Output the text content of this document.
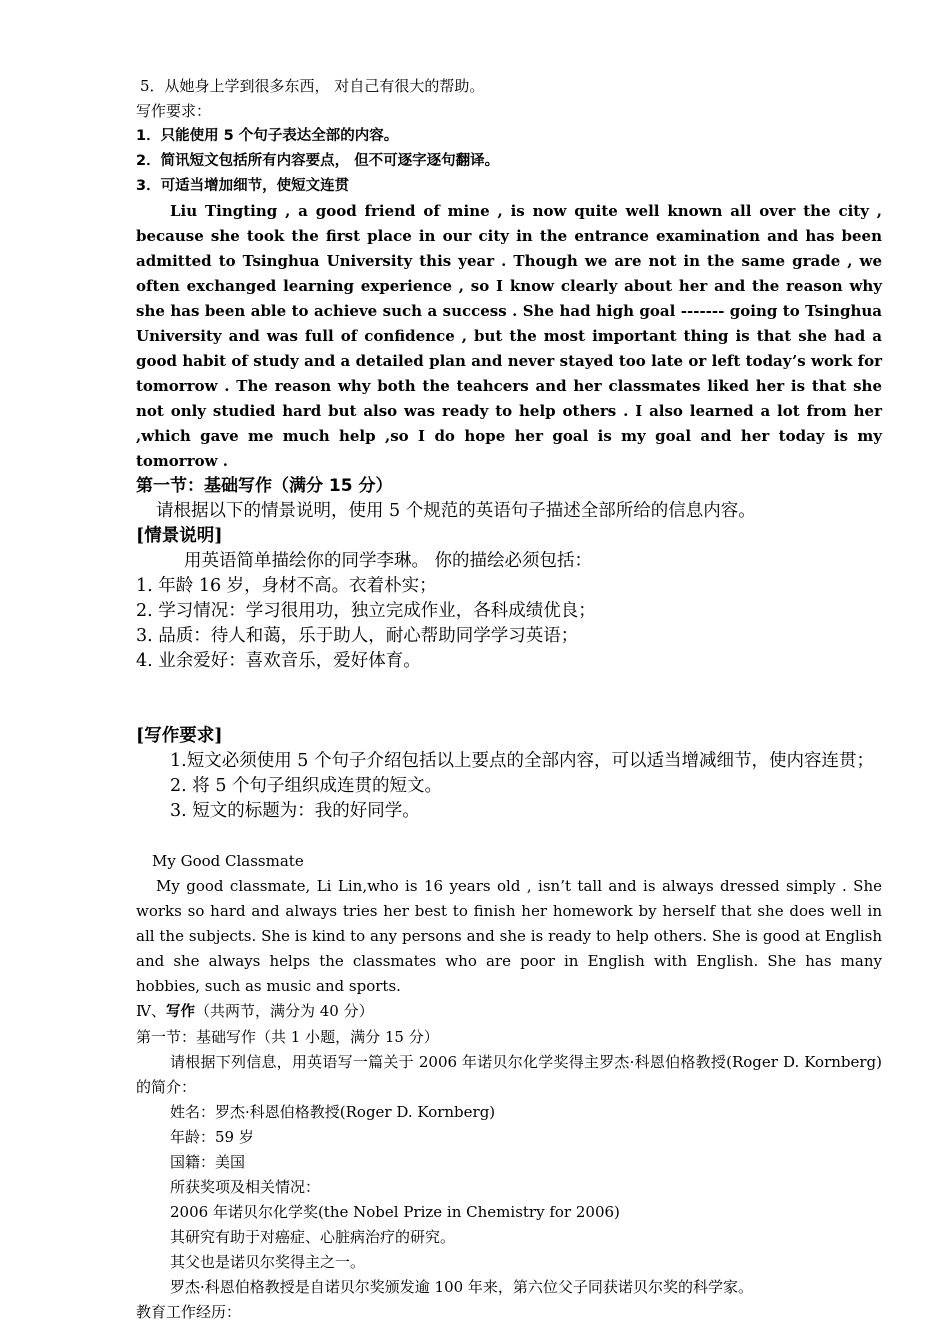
5．从她身上学到很多东西， 对自己有很大的帮助。

写作要求：

1．只能使用 5 个句子表达全部的内容。

2．简讯短文包括所有内容要点， 但不可逐字逐句翻译。

3．可适当增加细节，使短文连贯

Liu Tingting , a good friend of mine , is now quite well known all over the city , because she took the first place in our city in the entrance examination and has been admitted to Tsinghua University this year . Though we are not in the same grade , we often exchanged learning experience , so I know clearly about her and the reason why she has been able to achieve such a success . She had high goal ------- going to Tsinghua University and was full of confidence , but the most important thing is that she had a good habit of study and a detailed plan and never stayed too late or left today’s work for tomorrow . The reason why both the teahcers and her classmates liked her is that she not only studied hard but also was ready to help others . I also learned a lot from her ,which gave me much help ,so I do hope her goal is my goal and her today is my tomorrow .

第一节：基础写作（满分 15 分）

请根据以下的情景说明，使用 5 个规范的英语句子描述全部所给的信息内容。

[情景说明]

用英语简单描绘你的同学李琳。 你的描绘必须包括：

1. 年龄 16 岁，身材不高。衣着朴实；

2. 学习情况：学习很用功，独立完成作业，各科成绩优良；

3. 品质：待人和蔼，乐于助人，耐心帮助同学学习英语；

4. 业余爱好：喜欢音乐，爱好体育。

[写作要求]

1.短文必须使用 5 个句子介绍包括以上要点的全部内容，可以适当增减细节，使内容连贯；

2. 将 5 个句子组织成连贯的短文。

3. 短文的标题为：我的好同学。

My Good Classmate

My good classmate, Li Lin,who is 16 years old , isn’t tall and is always dressed simply . She works so hard and always tries her best to finish her homework by herself that she does well in all the subjects. She is kind to any persons and she is ready to help others. She is good at English and she always helps the classmates who are poor in English with English. She has many hobbies, such as music and sports.

Ⅳ、写作（共两节，满分为 40 分）

第一节：基础写作（共 1 小题，满分 15 分）

请根据下列信息，用英语写一篇关于 2006 年诺贝尔化学奖得主罗杰·科恩伯格教授(Roger D. Kornberg)的简介：

姓名：罗杰·科恩伯格教授(Roger D. Kornberg)

年龄：59 岁

国籍：美国

所获奖项及相关情况：

2006 年诺贝尔化学奖(the Nobel Prize in Chemistry for 2006)

其研究有助于对癌症、心脏病治疗的研究。

其父也是诺贝尔奖得主之一。

罗杰·科恩伯格教授是自诺贝尔奖颁发逾 100 年来，第六位父子同获诺贝尔奖的科学家。

教育工作经历：
